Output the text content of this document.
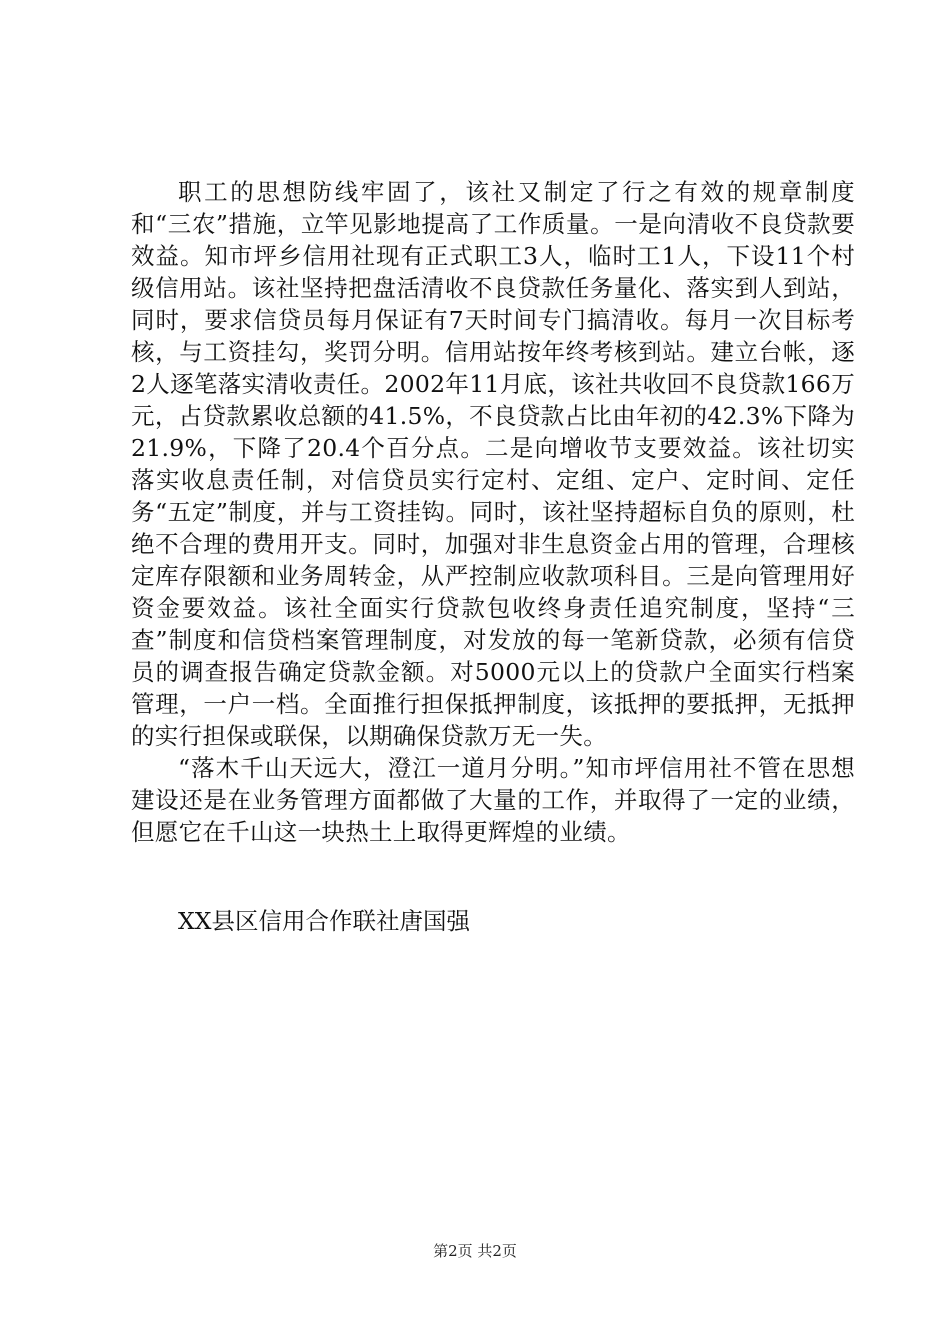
职工的思想防线牢固了，该社又制定了行之有效的规章制度和“三农”措施，立竿见影地提高了工作质量。一是向清收不良贷款要效益。知市坪乡信用社现有正式职工3人，临时工1人，下设11个村级信用站。该社坚持把盘活清收不良贷款任务量化、落实到人到站，同时，要求信贷员每月保证有7天时间专门搞清收。每月一次目标考核，与工资挂勾，奖罚分明。信用站按年终考核到站。建立台帐，逐2人逐笔落实清收责任。2002年11月底，该社共收回不良贷款166万元，占贷款累收总额的41.5%，不良贷款占比由年初的42.3%下降为21.9%，下降了20.4个百分点。二是向增收节支要效益。该社切实落实收息责任制，对信贷员实行定村、定组、定户、定时间、定任务“五定”制度，并与工资挂钩。同时，该社坚持超标自负的原则，杜绝不合理的费用开支。同时，加强对非生息资金占用的管理，合理核定库存限额和业务周转金，从严控制应收款项科目。三是向管理用好资金要效益。该社全面实行贷款包收终身责任追究制度，坚持“三查”制度和信贷档案管理制度，对发放的每一笔新贷款，必须有信贷员的调查报告确定贷款金额。对5000元以上的贷款户全面实行档案管理，一户一档。全面推行担保抵押制度，该抵押的要抵押，无抵押的实行担保或联保，以期确保贷款万无一失。

“落木千山天远大，澄江一道月分明。”知市坪信用社不管在思想建设还是在业务管理方面都做了大量的工作，并取得了一定的业绩，但愿它在千山这一块热土上取得更辉煌的业绩。

XX县区信用合作联社唐国强
第2页 共2页
